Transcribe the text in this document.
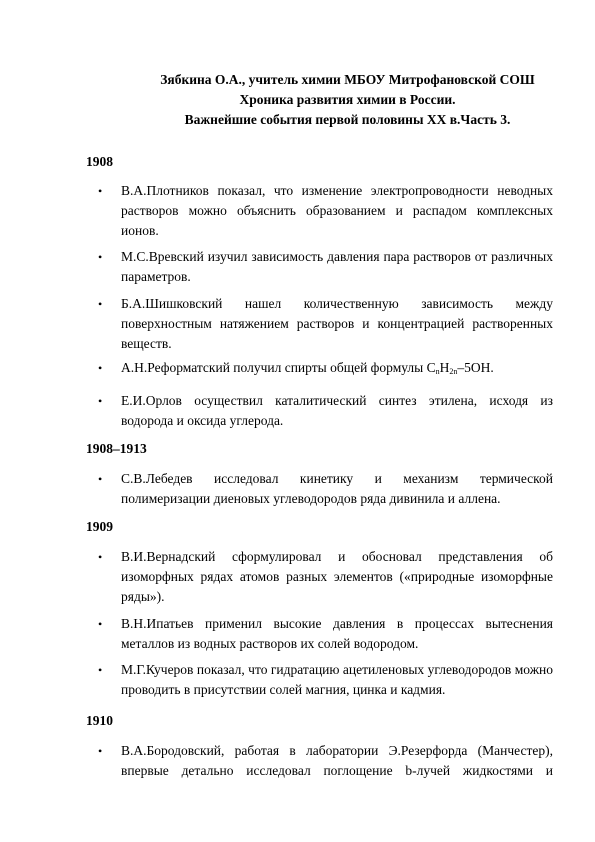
Зябкина О.А., учитель химии МБОУ Митрофановской СОШ
Хроника развития химии в России.
Важнейшие события первой половины XX в.Часть 3.
1908
• В.А.Плотников показал, что изменение электропроводности неводных растворов можно объяснить образованием и распадом комплексных ионов.
• М.С.Вревский изучил зависимость давления пара растворов от различных параметров.
• Б.А.Шишковский нашел количественную зависимость между поверхностным натяжением растворов и концентрацией растворенных веществ.
• А.Н.Реформатский получил спирты общей формулы $С_nН_{2n}-5ОН$.
• Е.И.Орлов осуществил каталитический синтез этилена, исходя из водорода и оксида углерода.
1908–1913
• С.В.Лебедев исследовал кинетику и механизм термической полимеризации диеновых углеводородов ряда дивинила и аллена.
1909
• В.И.Вернадский сформулировал и обосновал представления об изоморфных рядах атомов разных элементов («природные изоморфные ряды»).
• В.Н.Ипатьев применил высокие давления в процессах вытеснения металлов из водных растворов их солей водородом.
• М.Г.Кучеров показал, что гидратацию ацетиленовых углеводородов можно проводить в присутствии солей магния, цинка и кадмия.
1910
• В.А.Бородовский, работая в лаборатории Э.Резерфорда (Манчестер), впервые детально исследовал поглощение b-лучей жидкостями и
